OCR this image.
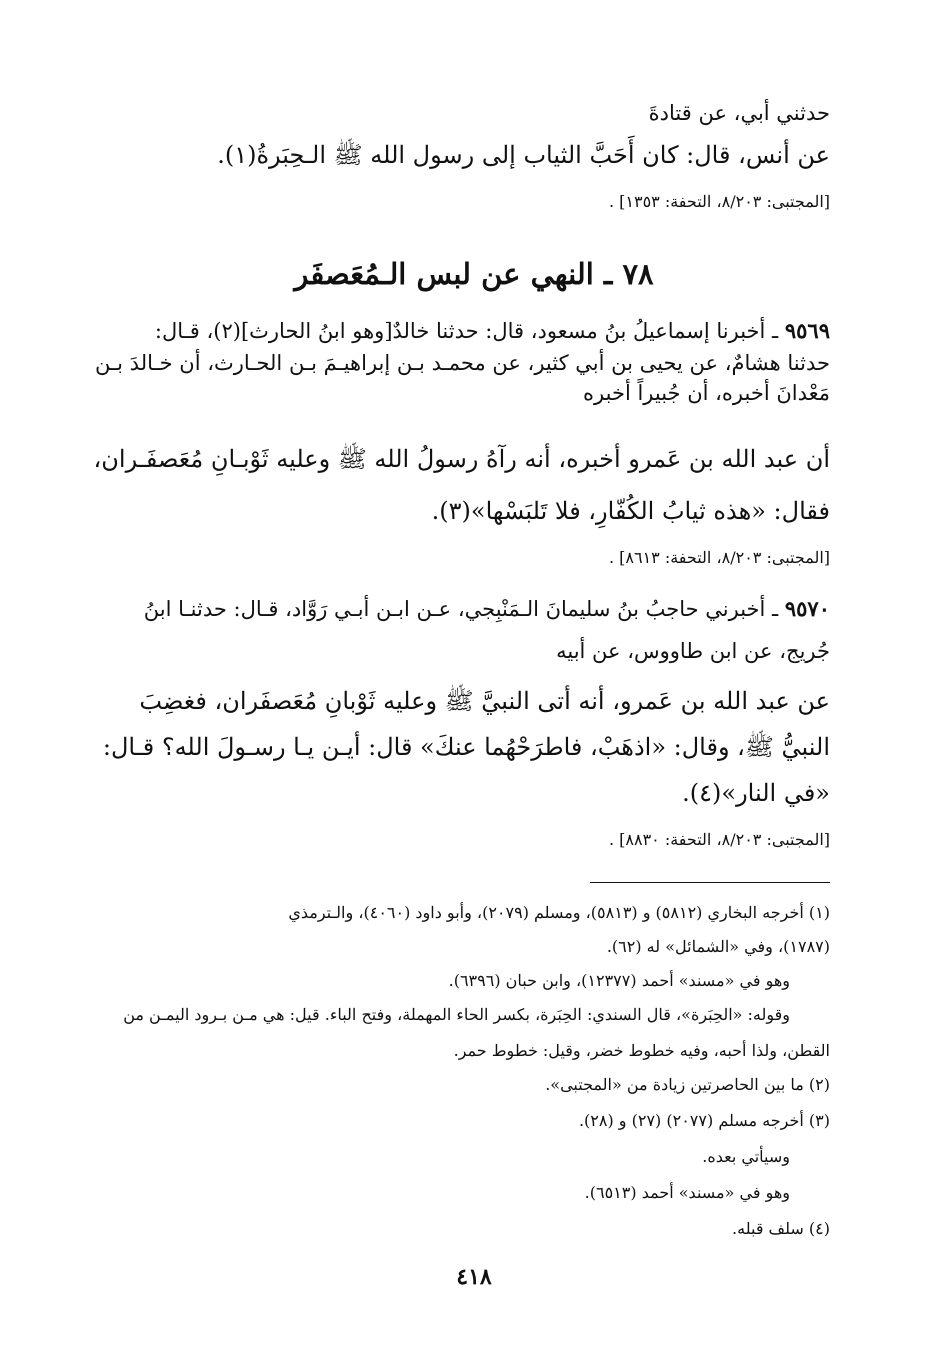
حدثني أبي، عن قتادةَ
عن أنس، قال: كان أَحَبَّ الثياب إلى رسول الله ﷺ الـحِبَرةُ(١).
[المجتبى: ٨/٢٠٣، التحفة: ١٣٥٣] .
٧٨ ـ النهي عن لبس الـمُعَصفَر
٩٥٦٩ ـ أخبرنا إسماعيلُ بنُ مسعود، قال: حدثنا خالدٌ[وهو ابنُ الحارث](٢)، قـال:
حدثنا هشامٌ، عن يحيى بن أبي كثير، عن محمـد بـن إبراهيـمَ بـن الحـارث، أن خـالدَ بـن
مَعْدانَ أخبره، أن جُبيراً أخبره
أن عبد الله بن عَمرو أخبره، أنه رآهُ رسولُ الله ﷺ وعليه ثَوْبـانِ مُعَصفَـران،
فقال: «هذه ثيابُ الكُفّارِ، فلا تَلبَسْها»(٣).
[المجتبى: ٨/٢٠٣، التحفة: ٨٦١٣] .
٩٥٧٠ ـ أخبرني حاجبُ بنُ سليمانَ الـمَنْبِجي، عـن ابـن أبـي رَوَّاد، قـال: حدثنـا ابنُ
جُريج، عن ابن طاووس، عن أبيه
عن عبد الله بن عَمرو، أنه أتى النبيَّ ﷺ وعليه ثَوْبانِ مُعَصفَران، فغضِبَ
النبيُّ ﷺ، وقال: «اذهَبْ، فاطرَحْهُما عنكَ» قال: أيـن يـا رسـولَ الله؟ قـال:
«في النار»(٤).
[المجتبى: ٨/٢٠٣، التحفة: ٨٨٣٠] .
(١) أخرجه البخاري (٥٨١٢) و (٥٨١٣)، ومسلم (٢٠٧٩)، وأبو داود (٤٠٦٠)، والـترمذي
(١٧٨٧)، وفي «الشمائل» له (٦٢).
وهو في «مسند» أحمد (١٢٣٧٧)، وابن حبان (٦٣٩٦).
وقوله: «الحِبَرة»، قال السندي: الحِبَرة، بكسر الحاء المهملة، وفتح الباء. قيل: هي مـن بـرود اليمـن من
القطن، ولذا أحبه، وفيه خطوط خضر، وقيل: خطوط حمر.
(٢) ما بين الحاصرتين زيادة من «المجتبى».
(٣) أخرجه مسلم (٢٠٧٧) (٢٧) و (٢٨).
وسيأتي بعده.
وهو في «مسند» أحمد (٦٥١٣).
(٤) سلف قبله.
٤١٨
